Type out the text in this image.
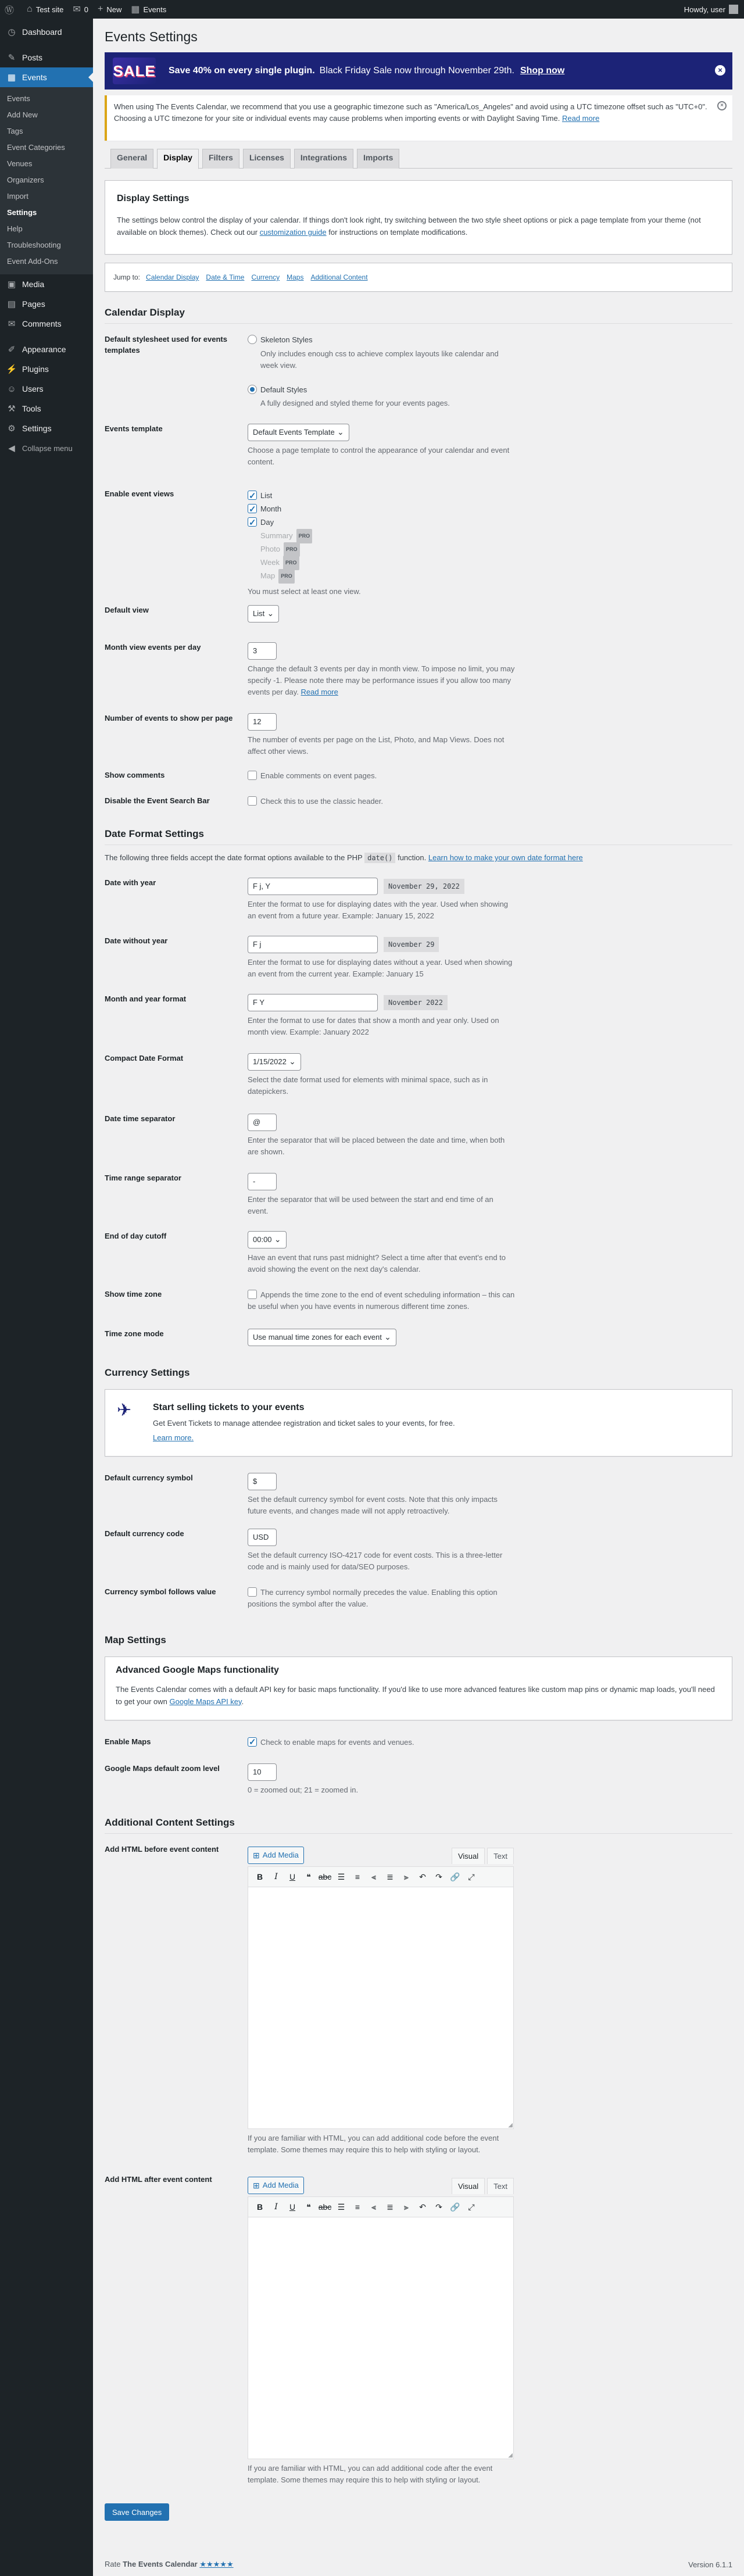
Ⓦ ⌂ Test site ✉ 0 + New ▦ Events	Howdy, user
◷ Dashboard
✎ Posts
▦ Events
Events
Add New
Tags
Event Categories
Venues
Organizers
Import
Settings
Help
Troubleshooting
Event Add-Ons
▣ Media
▤ Pages
✉ Comments
✐ Appearance
⚡ Plugins
☺ Users
⚒ Tools
⚙ Settings
◀ Collapse menu
Events Settings
SALE Save 40% on every single plugin. Black Friday Sale now through November 29th. Shop now	×
When using The Events Calendar, we recommend that you use a geographic timezone such as "America/Los_Angeles" and avoid using a UTC timezone offset such as "UTC+0".
Choosing a UTC timezone for your site or individual events may cause problems when importing events or with Daylight Saving Time. Read more
×
General	Display	Filters	Licenses	Integrations	Imports
Display Settings

The settings below control the display of your calendar. If things don't look right, try switching between the two style sheet options or pick a page template from your theme (not available on block themes). Check out our customization guide for instructions on template modifications.

Jump to: Calendar Display Date & Time Currency Maps Additional Content
Calendar Display
Default stylesheet used for events templates
Skeleton Styles
Only includes enough css to achieve complex layouts like calendar and week view.
Default Styles
A fully designed and styled theme for your events pages.
Events template	Default Events Template ⌄
Choose a page template to control the appearance of your calendar and event content.
Enable event views ✓	List
✓Month
✓Day
Summary PRO
Photo PRO
Week PRO
Map PRO
You must select at least one view.
Default view	List ⌄
Month view events per day	3
Change the default 3 events per day in month view. To impose no limit, you may specify -1. Please note there may be performance issues if you allow too many events per day. Read more
Number of events to show per page	12
The number of events per page on the List, Photo, and Map Views. Does not affect other views.
Show comments	Enable comments on event pages.
Disable the Event Search Bar	Check this to use the classic header.
Date Format Settings
The following three fields accept the date format options available to the PHP date() function. Learn how to make your own date format here
Date with year	F j, Y	November 29, 2022
Enter the format to use for displaying dates with the year. Used when showing an event from a future year. Example: January 15, 2022
Date without year	F j	November 29
Enter the format to use for displaying dates without a year. Used when showing an event from the current year. Example: January 15
Month and year format	F Y	November 2022
Enter the format to use for dates that show a month and year only. Used on month view. Example: January 2022
Compact Date Format	1/15/2022 ⌄
Select the date format used for elements with minimal space, such as in datepickers.
Date time separator	@
Enter the separator that will be placed between the date and time, when both are shown.
Time range separator	-
Enter the separator that will be used between the start and end time of an event.
End of day cutoff	00:00 ⌄
Have an event that runs past midnight? Select a time after that event's end to avoid showing the event on the next day's calendar.
Show time zone	Appends the time zone to the end of event scheduling information – this can be useful when you have events in numerous different time zones.
Time zone mode	Use manual time zones for each event ⌄
Currency Settings
✈	Start selling tickets to your events

Get Event Tickets to manage attendee registration and ticket sales to your events, for free.

Learn more.
Default currency symbol	$
Set the default currency symbol for event costs. Note that this only impacts future events, and changes made will not apply retroactively.
Default currency code	USD
Set the default currency ISO-4217 code for event costs. This is a three-letter code and is mainly used for data/SEO purposes.
Currency symbol follows value	The currency symbol normally precedes the value. Enabling this option positions the symbol after the value.
Map Settings
Advanced Google Maps functionality

The Events Calendar comes with a default API key for basic maps functionality. If you'd like to use more advanced features like custom map pins or dynamic map loads, you'll need to get your own Google Maps API key.

Enable Maps ✓	Check to enable maps for events and venues.
Google Maps default zoom level	10
0 = zoomed out; 21 = zoomed in.
Additional Content Settings
Add HTML before event content
⊞ Add Media	Visual	Text
B	I	U	❝ abc ☰	≡	⫷	≣	⫸	↶	↷ 🔗 ⤢
◢
If you are familiar with HTML, you can add additional code before the event template. Some themes may require this to help with styling or layout.
Add HTML after event content
⊞ Add Media	Visual	Text
B	I	U	❝ abc ☰	≡	⫷	≣	⫸	↶	↷ 🔗 ⤢
◢
If you are familiar with HTML, you can add additional code after the event template. Some themes may require this to help with styling or layout.
Save Changes
Rate The Events Calendar ★★★★★	Version 6.1.1
